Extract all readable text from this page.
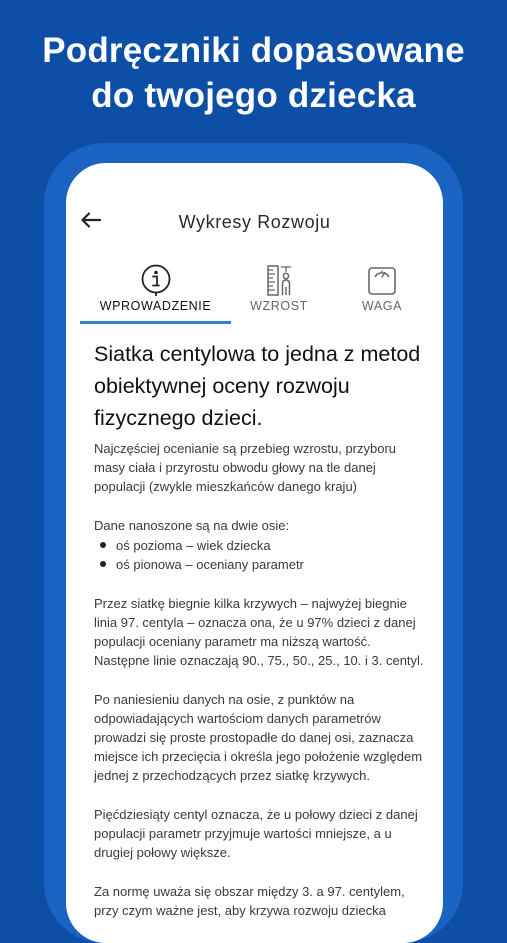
Podręczniki dopasowane
do twojego dziecka
Wykresy Rozwoju
WPROWADZENIE	WZROST	WAGA
Siatka centylowa to jedna z metod obiektywnej oceny rozwoju fizycznego dzieci.
Najczęściej ocenianie są przebieg wzrostu, przyboru masy ciała i przyrostu obwodu głowy na tle danej populacji (zwykle mieszkańców danego kraju)
Dane nanoszone są na dwie osie:
oś pozioma – wiek dziecka
oś pionowa – oceniany parametr
Przez siatkę biegnie kilka krzywych – najwyżej biegnie linia 97. centyla – oznacza ona, że u 97% dzieci z danej populacji oceniany parametr ma niższą wartość. Następne linie oznaczają 90., 75., 50., 25., 10. i 3. centyl.
Po naniesieniu danych na osie, z punktów na odpowiadających wartościom danych parametrów prowadzi się proste prostopadłe do danej osi, zaznacza miejsce ich przecięcia i określa jego położenie względem jednej z przechodzących przez siatkę krzywych.
Pięćdziesiąty centyl oznacza, że u połowy dzieci z danej populacji parametr przyjmuje wartości mniejsze, a u drugiej połowy większe.
Za normę uważa się obszar między 3. a 97. centylem, przy czym ważne jest, aby krzywa rozwoju dziecka
